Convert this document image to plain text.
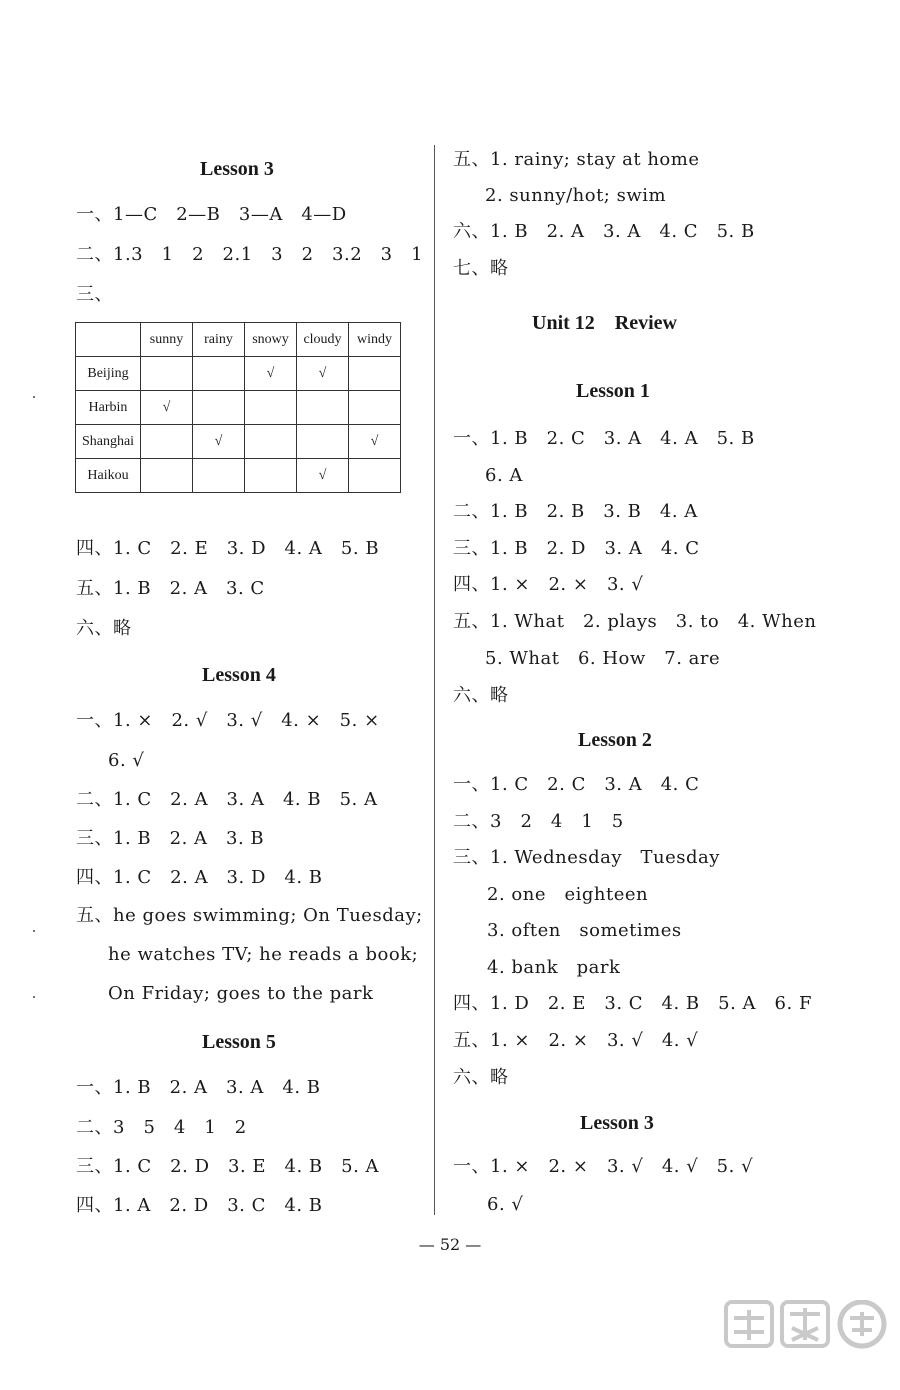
Lesson 3
一、1—C　2—B　3—A　4—D
二、1.3　1　2　2.1　3　2　3.2　3　1
三、
	sunny	rainy	snowy	cloudy	windy
Beijing			√	√	
Harbin	√				
Shanghai		√			√
Haikou				√	
四、1. C　2. E　3. D　4. A　5. B
五、1. B　2. A　3. C
六、略
Lesson 4
一、1. ×　2. √　3. √　4. ×　5. ×
6. √
二、1. C　2. A　3. A　4. B　5. A
三、1. B　2. A　3. B
四、1. C　2. A　3. D　4. B
五、he goes swimming; On Tuesday;
he watches TV; he reads a book;
On Friday; goes to the park
Lesson 5
一、1. B　2. A　3. A　4. B
二、3　5　4　1　2
三、1. C　2. D　3. E　4. B　5. A
四、1. A　2. D　3. C　4. B
五、1. rainy; stay at home
2. sunny/hot; swim
六、1. B　2. A　3. A　4. C　5. B
七、略
Unit 12　Review
Lesson 1
一、1. B　2. C　3. A　4. A　5. B
6. A
二、1. B　2. B　3. B　4. A
三、1. B　2. D　3. A　4. C
四、1. ×　2. ×　3. √
五、1. What　2. plays　3. to　4. When
5. What　6. How　7. are
六、略
Lesson 2
一、1. C　2. C　3. A　4. C
二、3　2　4　1　5
三、1. Wednesday　Tuesday
2. one　eighteen
3. often　sometimes
4. bank　park
四、1. D　2. E　3. C　4. B　5. A　6. F
五、1. ×　2. ×　3. √　4. √
六、略
Lesson 3
一、1. ×　2. ×　3. √　4. √　5. √
6. √
— 52 —
